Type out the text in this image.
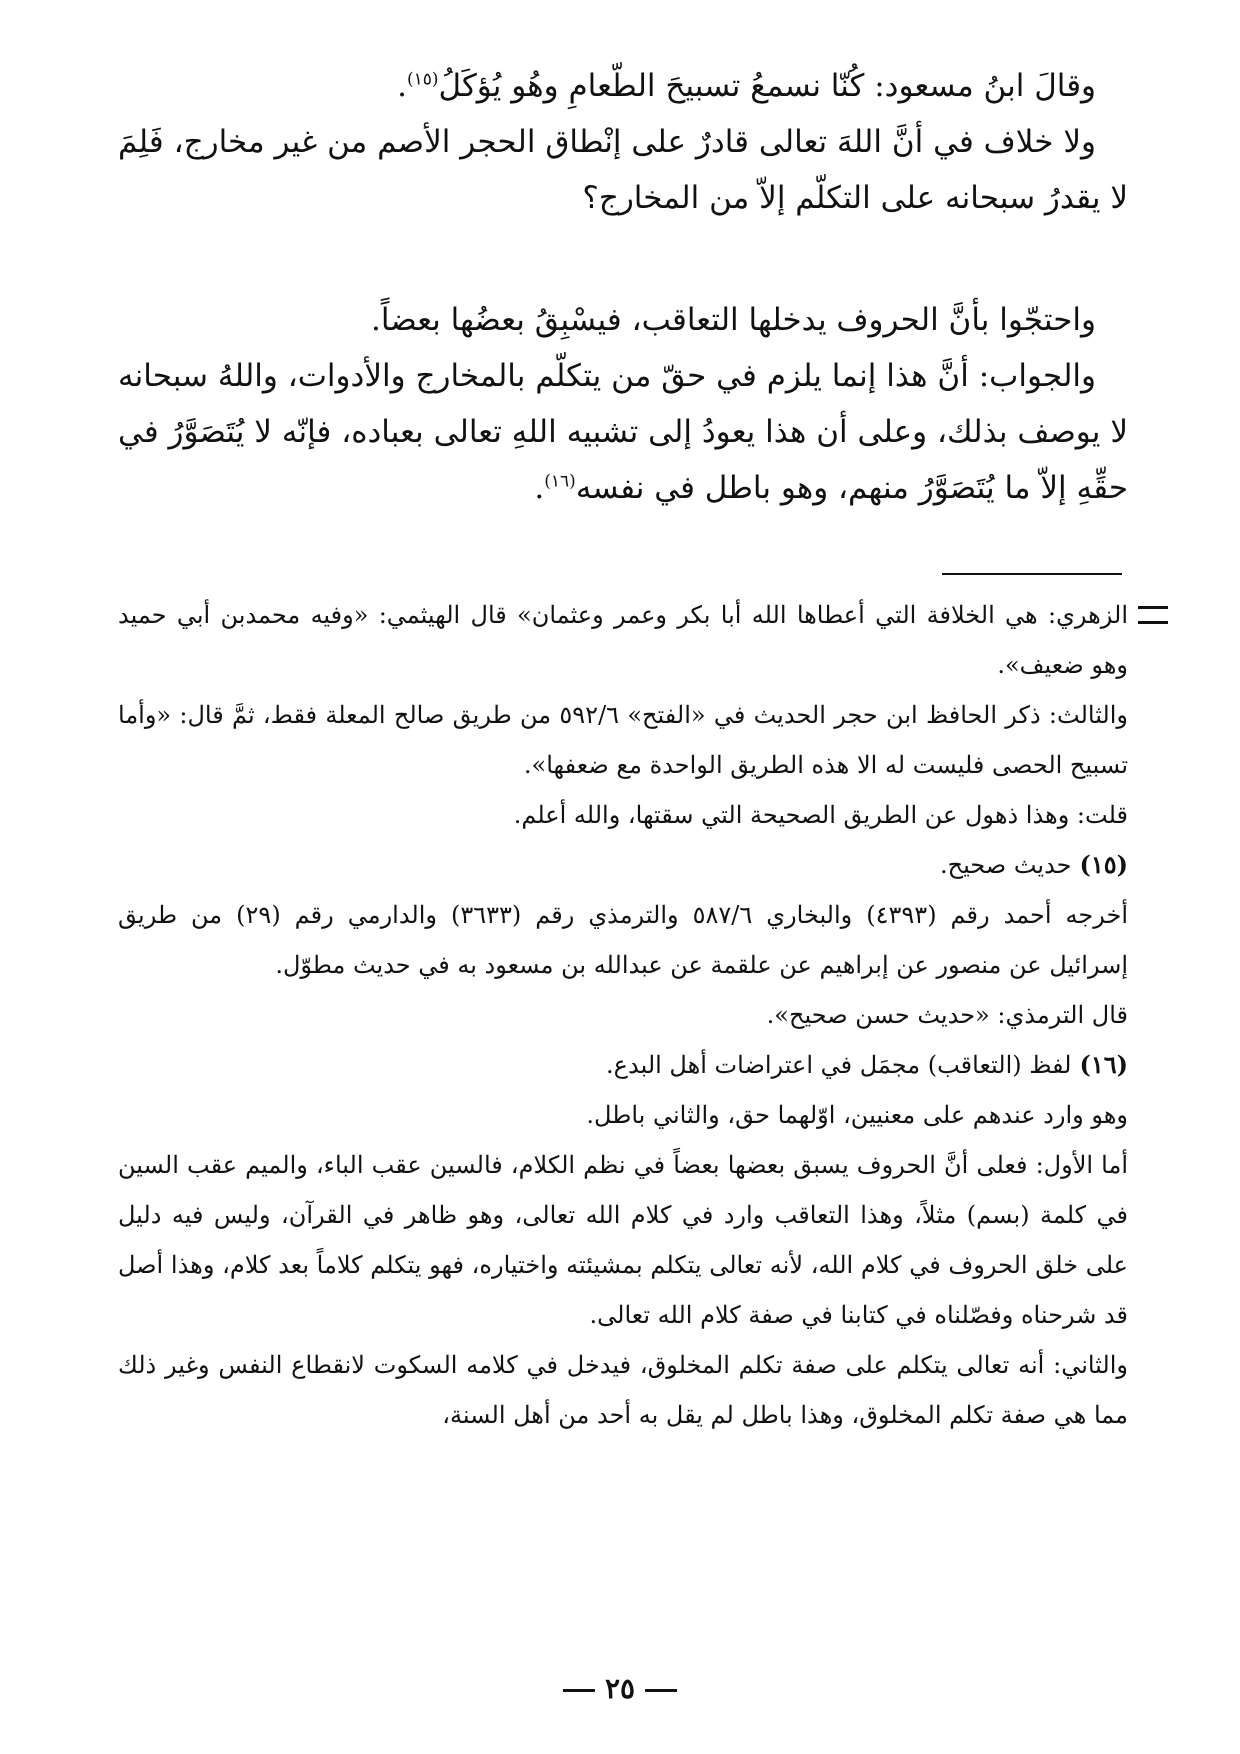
وقالَ ابنُ مسعود: كُنّا نسمعُ تسبيحَ الطّعامِ وهُو يُؤكَلُ$^{(١٥)}$.

ولا خلاف في أنَّ اللهَ تعالى قادرٌ على إنْطاق الحجر الأصم من غير مخارج، فَلِمَ لا يقدرُ سبحانه على التكلّم إلاّ من المخارج؟

واحتجّوا بأنَّ الحروف يدخلها التعاقب، فيسْبِقُ بعضُها بعضاً.

والجواب: أنَّ هذا إنما يلزم في حقّ من يتكلّم بالمخارج والأدوات، واللهُ سبحانه لا يوصف بذلك، وعلى أن هذا يعودُ إلى تشبيه اللهِ تعالى بعباده، فإنّه لا يُتَصَوَّرُ في حقِّهِ إلاّ ما يُتَصَوَّرُ منهم، وهو باطل في نفسه$^{(١٦)}$.

الزهري: هي الخلافة التي أعطاها الله أبا بكر وعمر وعثمان» قال الهيثمي: «وفيه محمدبن أبي حميد وهو ضعيف».

والثالث: ذكر الحافظ ابن حجر الحديث في «الفتح» ٥٩٢/٦ من طريق صالح المعلة فقط، ثمَّ قال: «وأما تسبيح الحصى فليست له الا هذه الطريق الواحدة مع ضعفها».

قلت: وهذا ذهول عن الطريق الصحيحة التي سقتها، والله أعلم.

(١٥)حديث صحيح.

أخرجه أحمد رقم (٤٣٩٣) والبخاري ٥٨٧/٦ والترمذي رقم (٣٦٣٣) والدارمي رقم (٢٩) من طريق إسرائيل عن منصور عن إبراهيم عن علقمة عن عبدالله بن مسعود به في حديث مطوّل.

قال الترمذي: «حديث حسن صحيح».

(١٦)لفظ (التعاقب) مجمَل في اعتراضات أهل البدع.

وهو وارد عندهم على معنيين، اوّلهما حق، والثاني باطل.

أما الأول: فعلى أنَّ الحروف يسبق بعضها بعضاً في نظم الكلام، فالسين عقب الباء، والميم عقب السين في كلمة (بسم) مثلاً، وهذا التعاقب وارد في كلام الله تعالى، وهو ظاهر في القرآن، وليس فيه دليل على خلق الحروف في كلام الله، لأنه تعالى يتكلم بمشيئته واختياره، فهو يتكلم كلاماً بعد كلام، وهذا أصل قد شرحناه وفصّلناه في كتابنا في صفة كلام الله تعالى.

والثاني: أنه تعالى يتكلم على صفة تكلم المخلوق، فيدخل في كلامه السكوت لانقطاع النفس وغير ذلك مما هي صفة تكلم المخلوق، وهذا باطل لم يقل به أحد من أهل السنة،

٢٥
